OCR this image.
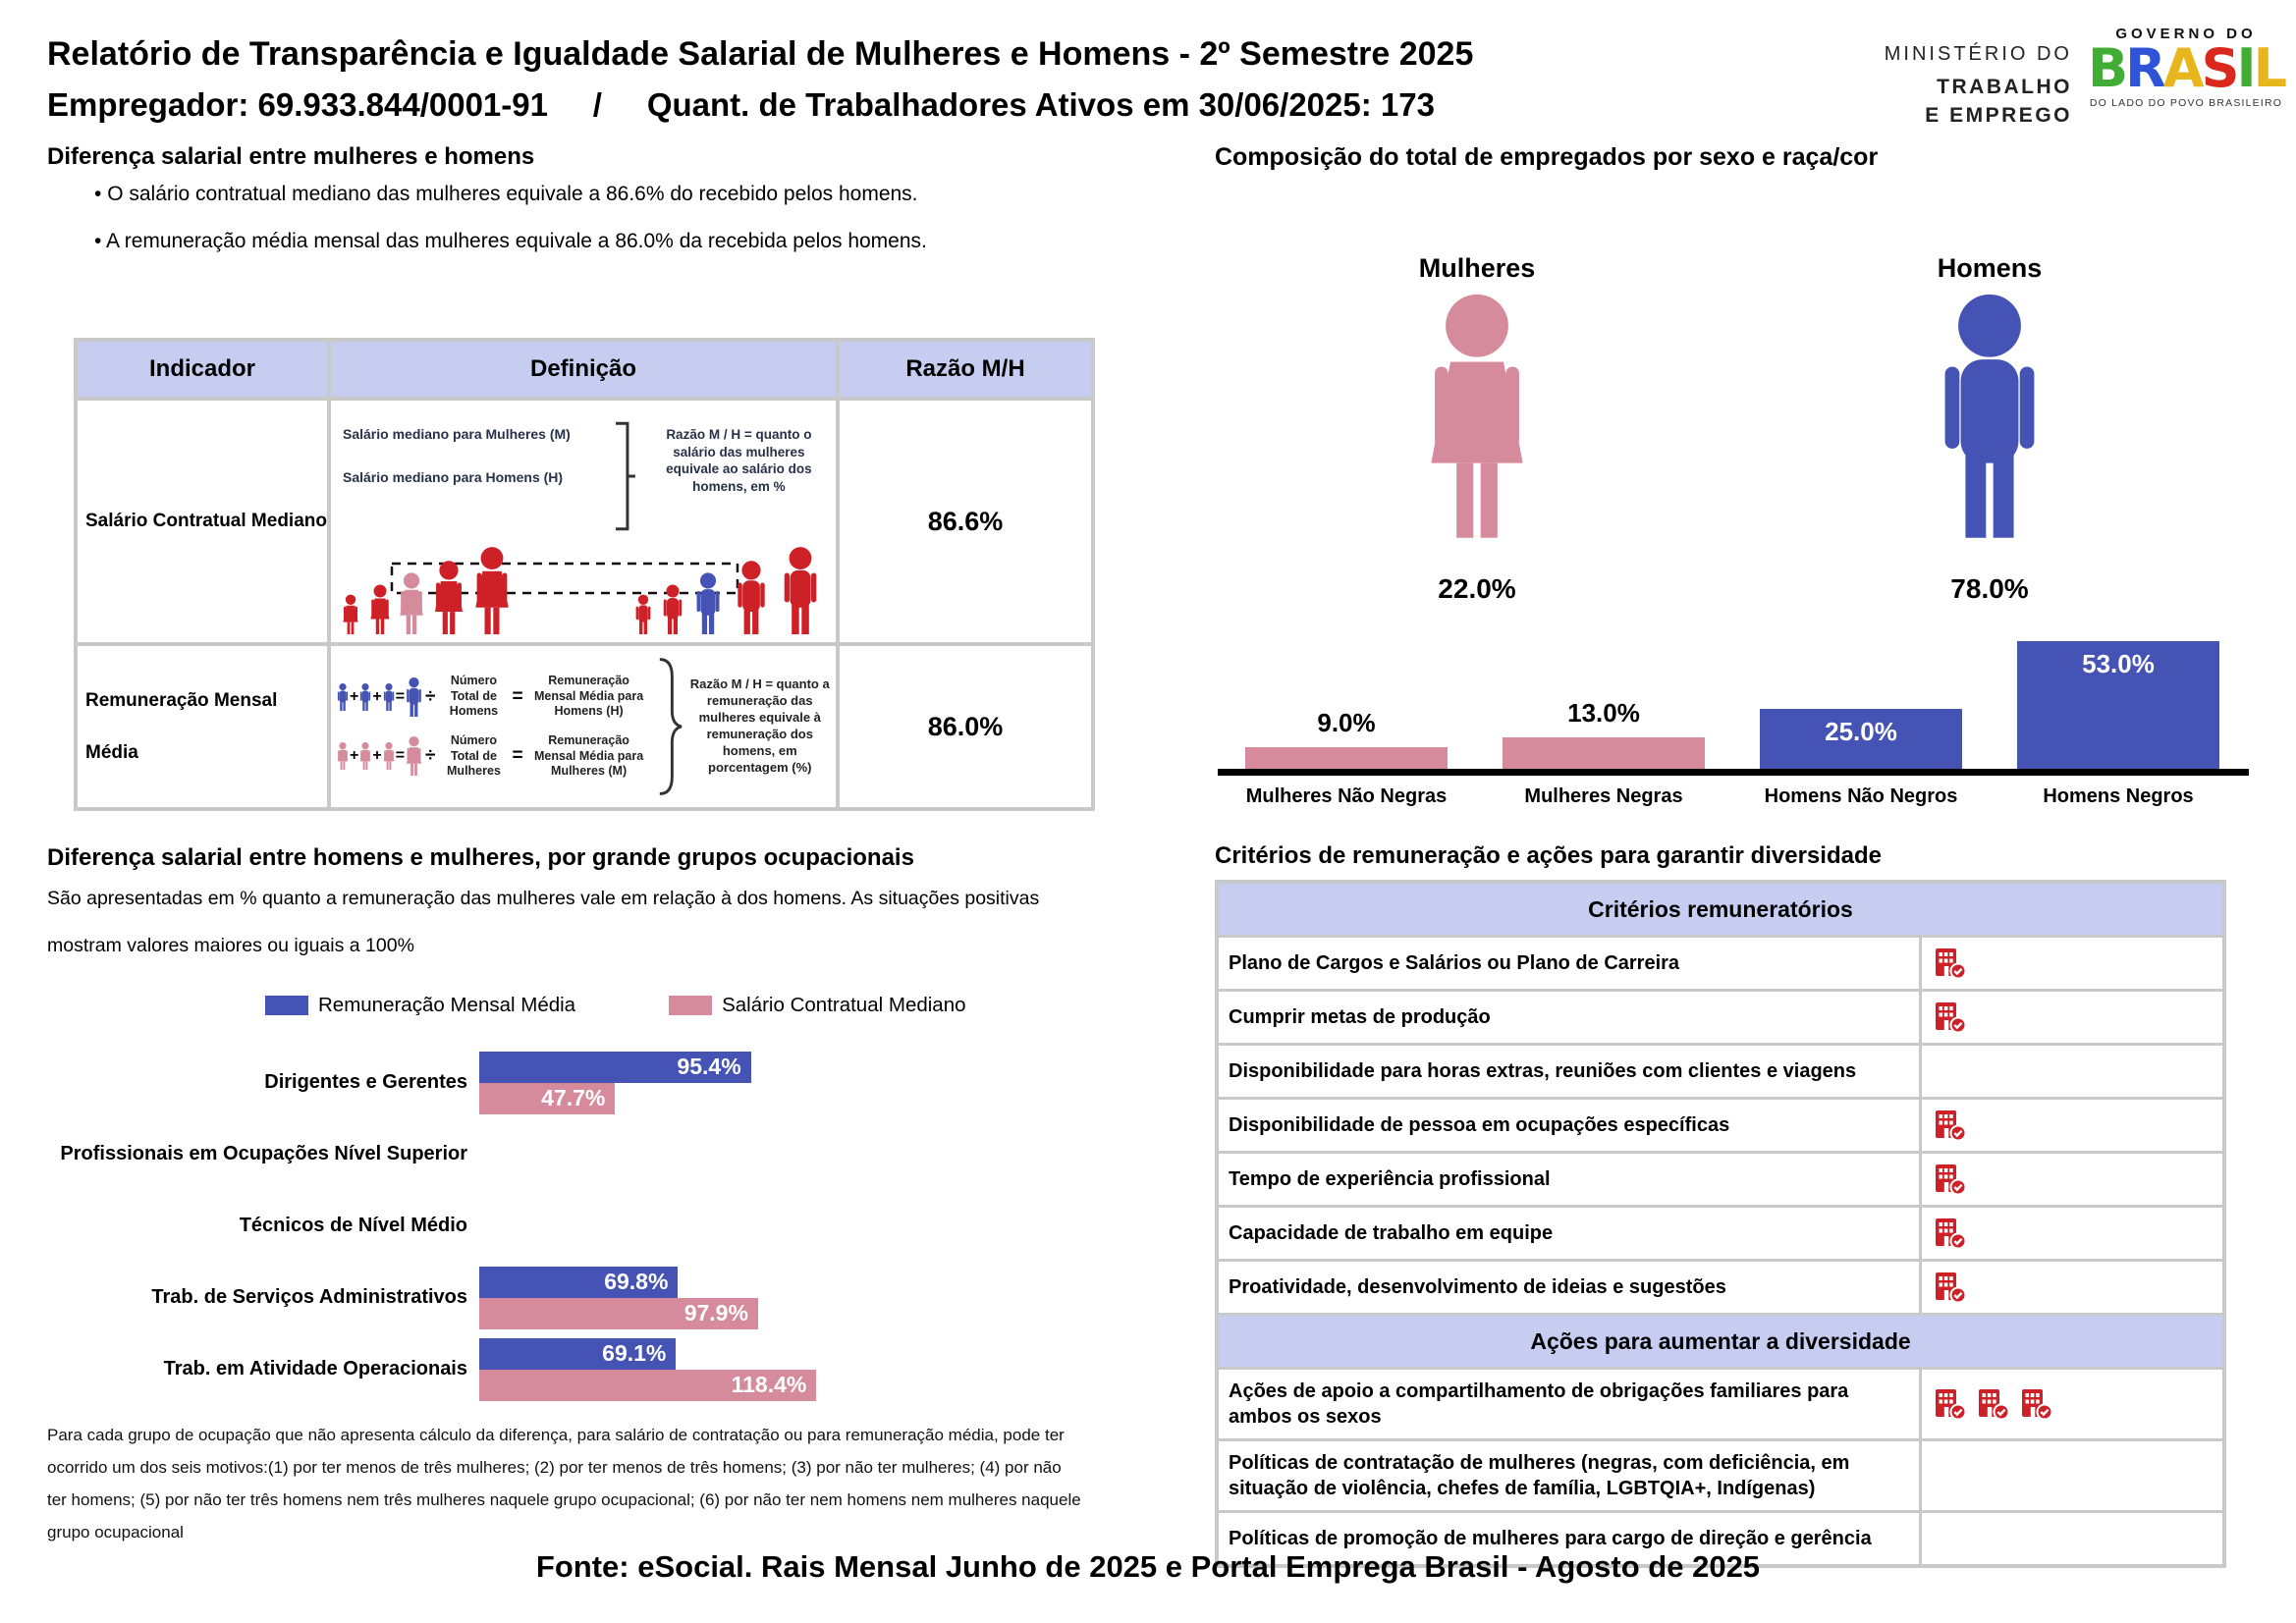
Relatório de Transparência e Igualdade Salarial de Mulheres e Homens - 2º Semestre 2025
Empregador: 69.933.844/0001-91     /     Quant. de Trabalhadores Ativos em 30/06/2025: 173
MINISTÉRIO DO
TRABALHO
E EMPREGO
GOVERNO DO
BRASIL
DO LADO DO POVO BRASILEIRO
Diferença salarial entre mulheres e homens
• O salário contratual mediano das mulheres equivale a 86.6% do recebido pelos homens.
• A remuneração média mensal das mulheres equivale a 86.0% da recebida pelos homens.
Indicador	Definição	Razão M/H
Salário Contratual Mediano
Salário mediano para Mulheres (M)
Salário mediano para Homens (H)
Razão M / H = quanto o salário das mulheres equivale ao salário dos homens, em %
86.6%
Remuneração Mensal Média
+ + = ÷
Número Total de Homens
=
Remuneração Mensal Média para Homens (H)
+ + = ÷
Número Total de Mulheres
=
Remuneração Mensal Média para Mulheres (M)
Razão M / H = quanto a remuneração das mulheres equivale à remuneração dos homens, em porcentagem (%)
86.0%
Composição do total de empregados por sexo e raça/cor
Mulheres
22.0%
Homens
78.0%
9.0%	13.0%
25.0%
53.0%
Mulheres Não Negras	Mulheres Negras	Homens Não Negros	Homens Negros
Diferença salarial entre homens e mulheres, por grande grupos ocupacionais
São apresentadas em % quanto a remuneração das mulheres vale em relação à dos homens. As situações positivas
mostram valores maiores ou iguais a 100%
Remuneração Mensal Média	Salário Contratual Mediano
Dirigentes e Gerentes
95.4%
47.7%
Profissionais em Ocupações Nível Superior
Técnicos de Nível Médio
Trab. de Serviços Administrativos
69.8%
97.9%
Trab. em Atividade Operacionais
69.1%
118.4%
Para cada grupo de ocupação que não apresenta cálculo da diferença, para salário de contratação ou para remuneração média, pode ter
ocorrido um dos seis motivos:(1) por ter menos de três mulheres; (2) por ter menos de três homens; (3) por não ter mulheres; (4) por não
ter homens; (5) por não ter três homens nem três mulheres naquele grupo ocupacional; (6) por não ter nem homens nem mulheres naquele
grupo ocupacional
Critérios de remuneração e ações para garantir diversidade
Critérios remuneratórios
Plano de Cargos e Salários ou Plano de Carreira
Cumprir metas de produção
Disponibilidade para horas extras, reuniões com clientes e viagens
Disponibilidade de pessoa em ocupações específicas
Tempo de experiência profissional
Capacidade de trabalho em equipe
Proatividade, desenvolvimento de ideias e sugestões
Ações para aumentar a diversidade
Ações de apoio a compartilhamento de obrigações familiares para ambos os sexos
Políticas de contratação de mulheres (negras, com deficiência, em situação de violência, chefes de família, LGBTQIA+, Indígenas)
Políticas de promoção de mulheres para cargo de direção e gerência
Fonte: eSocial. Rais Mensal Junho de 2025 e Portal Emprega Brasil - Agosto de 2025
